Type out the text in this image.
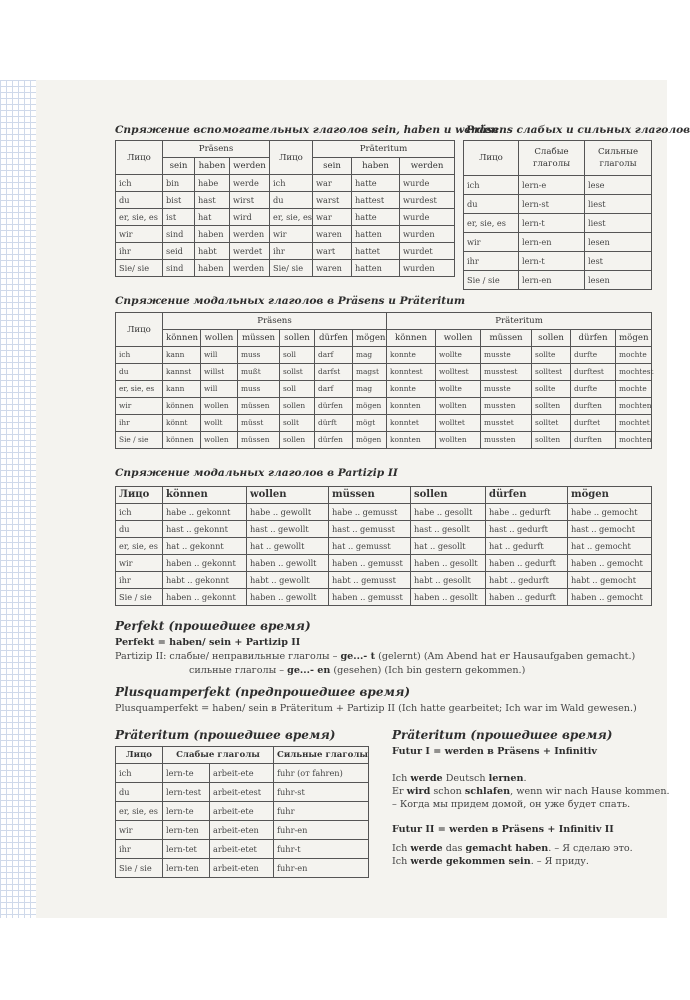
Спряжение вспомогательных глаголов sein, haben и werden
Лицо	Präsens			Лицо	Präteritum		
	sein	haben	werden		sein	haben	werden
ich	bin	habe	werde	ich	war	hatte	wurde
du	bist	hast	wirst	du	warst	hattest	wurdest
er, sie, es	ist	hat	wird	er, sie, es	war	hatte	wurde
wir	sind	haben	werden	wir	waren	hatten	wurden
ihr	seid	habt	werdet	ihr	wart	hattet	wurdet
Sie/ sie	sind	haben	werden	Sie/ sie	waren	hatten	wurden
Präsens слабых и сильных глаголов
Лицо	Слабые глаголы	Сильные глаголы
ich	lern-e	lese
du	lern-st	liest
er, sie, es	lern-t	liest
wir	lern-en	lesen
ihr	lern-t	lest
Sie / sie	lern-en	lesen
Спряжение модальных глаголов в Präsens и Präteritum
Лицо	Präsens						Präteritum					
	können	wollen	müssen	sollen	dürfen	mögen	können	wollen	müssen	sollen	dürfen	mögen
ich	kann	will	muss	soll	darf	mag	konnte	wollte	musste	sollte	durfte	mochte
du	kannst	willst	mußt	sollst	darfst	magst	konntest	wolltest	musstest	solltest	durftest	mochtest
er, sie, es	kann	will	muss	soll	darf	mag	konnte	wollte	musste	sollte	durfte	mochte
wir	können	wollen	müssen	sollen	dürfen	mögen	konnten	wollten	mussten	sollten	durften	mochten
ihr	könnt	wollt	müsst	sollt	dürft	mögt	konntet	wolltet	musstet	solltet	durftet	mochtet
Sie / sie	können	wollen	müssen	sollen	dürfen	mögen	konnten	wollten	mussten	sollten	durften	mochten
Спряжение модальных глаголов в Partizip II
Лицо	können	wollen	müssen	sollen	dürfen	mögen
ich	habe .. gekonnt	habe .. gewollt	habe .. gemusst	habe .. gesollt	habe .. gedurft	habe .. gemocht
du	hast .. gekonnt	hast .. gewollt	hast .. gemusst	hast .. gesollt	hast .. gedurft	hast .. gemocht
er, sie, es	hat .. gekonnt	hat .. gewollt	hat .. gemusst	hat .. gesollt	hat .. gedurft	hat .. gemocht
wir	haben .. gekonnt	haben .. gewollt	haben .. gemusst	haben .. gesollt	haben .. gedurft	haben .. gemocht
ihr	habt .. gekonnt	habt .. gewollt	habt .. gemusst	habt .. gesollt	habt .. gedurft	habt .. gemocht
Sie / sie	haben .. gekonnt	haben .. gewollt	haben .. gemusst	haben .. gesollt	haben .. gedurft	haben .. gemocht
Perfekt (прошедшее время)
Perfekt = haben/ sein + Partizip II
Partizip II: слабые/ неправильные глаголы – ge...- t (gelernt) (Am Abend hat er Hausaufgaben gemacht.)
сильные глаголы – ge...- en (gesehen) (Ich bin gestern gekommen.)
Plusquamperfekt (предпрошедшее время)
Plusquamperfekt = haben/ sein в Präteritum + Partizip II (Ich hatte gearbeitet; Ich war im Wald gewesen.)
Präteritum (прошедшее время)
Лицо	Слабые глаголы		Сильные глаголы
ich	lern-te	arbeit-ete	fuhr (от fahren)
du	lern-test	arbeit-etest	fuhr-st
er, sie, es	lern-te	arbeit-ete	fuhr
wir	lern-ten	arbeit-eten	fuhr-en
ihr	lern-tet	arbeit-etet	fuhr-t
Sie / sie	lern-ten	arbeit-eten	fuhr-en
Präteritum (прошедшее время)
Futur I = werden в Präsens + Infinitiv
Ich werde Deutsch lernen.
Er wird schon schlafen, wenn wir nach Hause kommen.
– Когда мы придем домой, он уже будет спать.
Futur II = werden в Präsens + Infinitiv II
Ich werde das gemacht haben. – Я сделаю это.
Ich werde gekommen sein. – Я приду.
